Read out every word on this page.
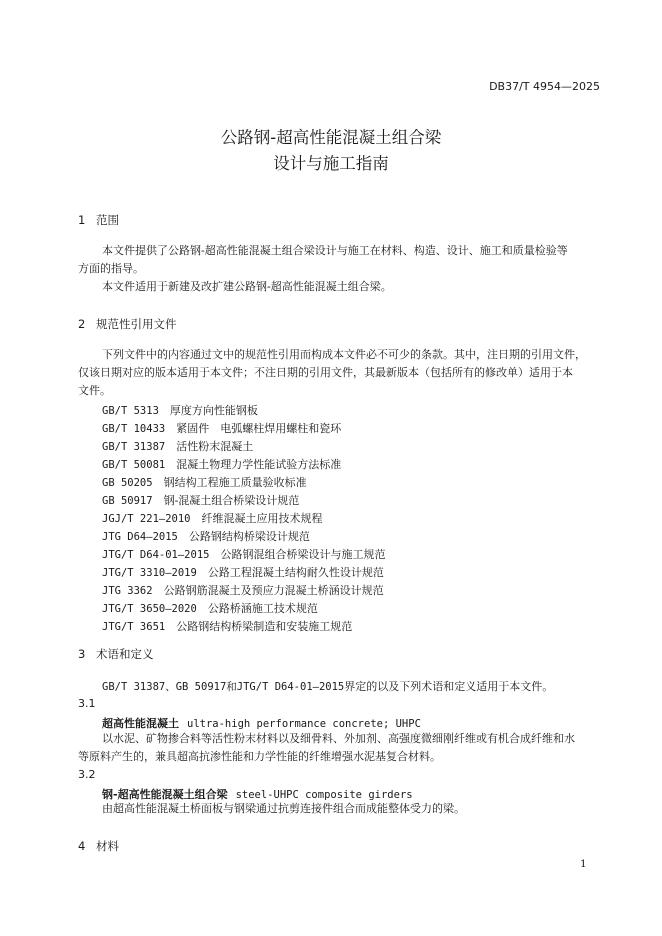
DB37/T 4954—2025
公路钢-超高性能混凝土组合梁
设计与施工指南
1 范围
本文件提供了公路钢-超高性能混凝土组合梁设计与施工在材料、构造、设计、施工和质量检验等
方面的指导。
本文件适用于新建及改扩建公路钢-超高性能混凝土组合梁。
2 规范性引用文件
下列文件中的内容通过文中的规范性引用而构成本文件必不可少的条款。其中，注日期的引用文件，
仅该日期对应的版本适用于本文件；不注日期的引用文件，其最新版本（包括所有的修改单）适用于本
文件。
GB/T 5313　 厚度方向性能钢板
GB/T 10433　 紧固件　电弧螺柱焊用螺柱和瓷环
GB/T 31387　 活性粉末混凝土
GB/T 50081　 混凝土物理力学性能试验方法标准
GB 50205　 钢结构工程施工质量验收标准
GB 50917　 钢-混凝土组合桥梁设计规范
JGJ/T 221—2010　 纤维混凝土应用技术规程
JTG D64—2015　 公路钢结构桥梁设计规范
JTG/T D64-01—2015　 公路钢混组合桥梁设计与施工规范
JTG/T 3310—2019　 公路工程混凝土结构耐久性设计规范
JTG 3362　 公路钢筋混凝土及预应力混凝土桥涵设计规范
JTG/T 3650—2020　 公路桥涵施工技术规范
JTG/T 3651　 公路钢结构桥梁制造和安装施工规范
3 术语和定义
GB/T 31387、GB 50917和JTG/T D64-01—2015界定的以及下列术语和定义适用于本文件。
3.1
超高性能混凝土 ultra-high performance concrete; UHPC
以水泥、矿物掺合料等活性粉末材料以及细骨料、外加剂、高强度微细刚纤维或有机合成纤维和水
等原料产生的，兼具超高抗渗性能和力学性能的纤维增强水泥基复合材料。
3.2
钢-超高性能混凝土组合梁 steel-UHPC composite girders
由超高性能混凝土桥面板与钢梁通过抗剪连接件组合而成能整体受力的梁。
4 材料
1
